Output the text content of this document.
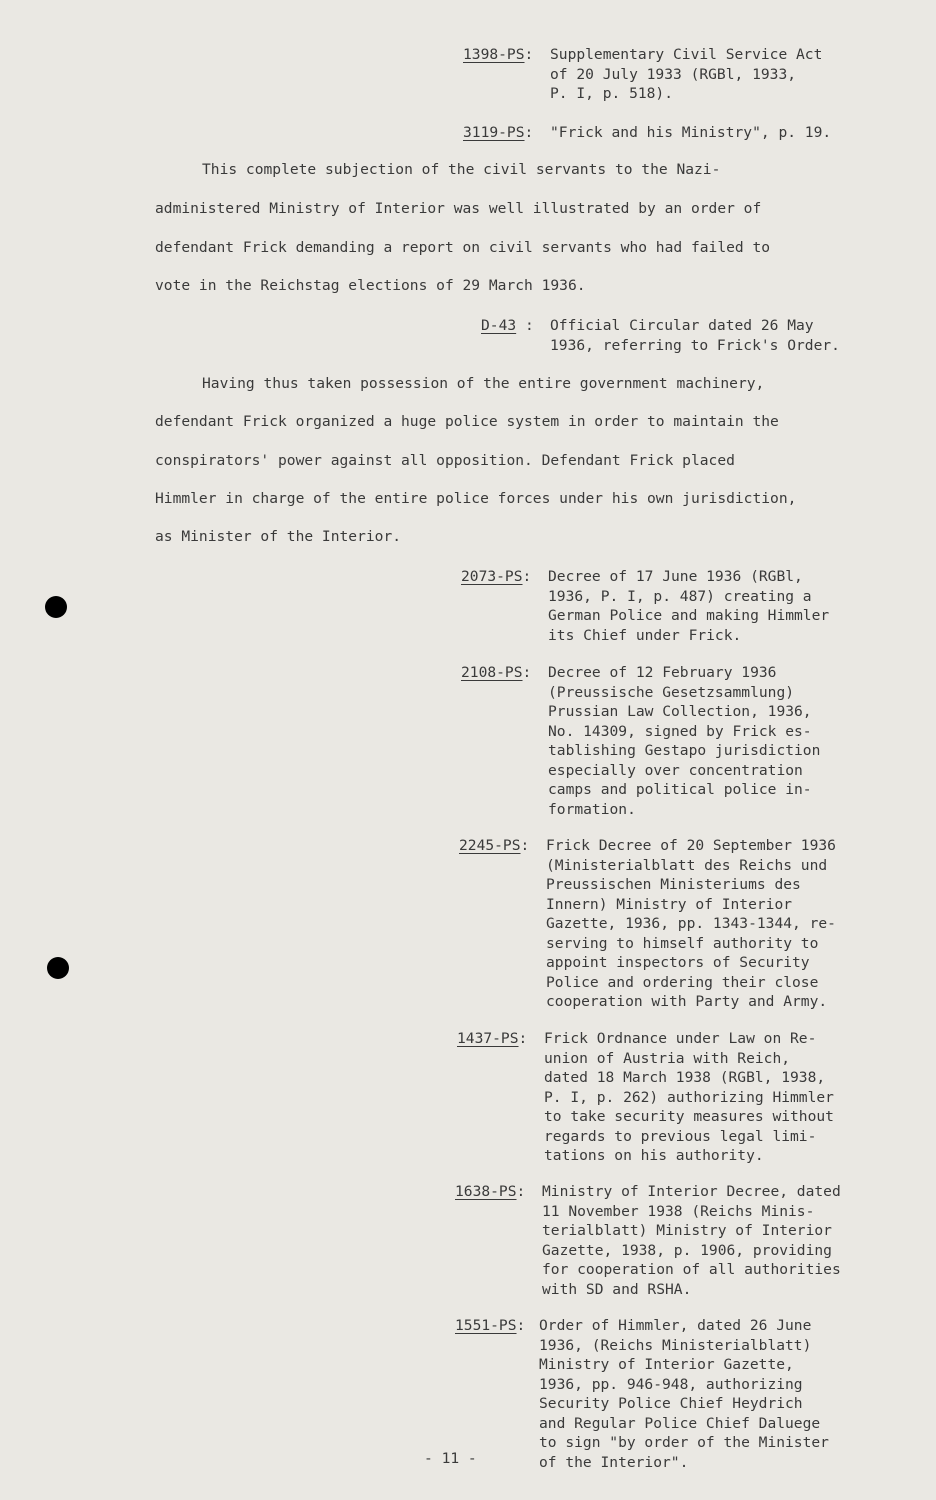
1398-PS: Supplementary Civil Service Act
of 20 July 1933 (RGBl, 1933,
P. I, p. 518).
3119-PS: "Frick and his Ministry", p. 19.
This complete subjection of the civil servants to the Nazi-
administered Ministry of Interior was well illustrated by an order of
defendant Frick demanding a report on civil servants who had failed to
vote in the Reichstag elections of 29 March 1936.
D-43 : Official Circular dated 26 May
1936, referring to Frick's Order.
Having thus taken possession of the entire government machinery,
defendant Frick organized a huge police system in order to maintain the
conspirators' power against all opposition. Defendant Frick placed
Himmler in charge of the entire police forces under his own jurisdiction,
as Minister of the Interior.
2073-PS: Decree of 17 June 1936 (RGBl,
1936, P. I, p. 487) creating a
German Police and making Himmler
its Chief under Frick.
2108-PS: Decree of 12 February 1936
(Preussische Gesetzsammlung)
Prussian Law Collection, 1936,
No. 14309, signed by Frick es-
tablishing Gestapo jurisdiction
especially over concentration
camps and political police in-
formation.
2245-PS: Frick Decree of 20 September 1936
(Ministerialblatt des Reichs und
Preussischen Ministeriums des
Innern) Ministry of Interior
Gazette, 1936, pp. 1343-1344, re-
serving to himself authority to
appoint inspectors of Security
Police and ordering their close
cooperation with Party and Army.
1437-PS: Frick Ordnance under Law on Re-
union of Austria with Reich,
dated 18 March 1938 (RGBl, 1938,
P. I, p. 262) authorizing Himmler
to take security measures without
regards to previous legal limi-
tations on his authority.
1638-PS: Ministry of Interior Decree, dated
11 November 1938 (Reichs Minis-
terialblatt) Ministry of Interior
Gazette, 1938, p. 1906, providing
for cooperation of all authorities
with SD and RSHA.
1551-PS: Order of Himmler, dated 26 June
1936, (Reichs Ministerialblatt)
Ministry of Interior Gazette,
1936, pp. 946-948, authorizing
Security Police Chief Heydrich
and Regular Police Chief Daluege
to sign "by order of the Minister
of the Interior".
- 11 -
